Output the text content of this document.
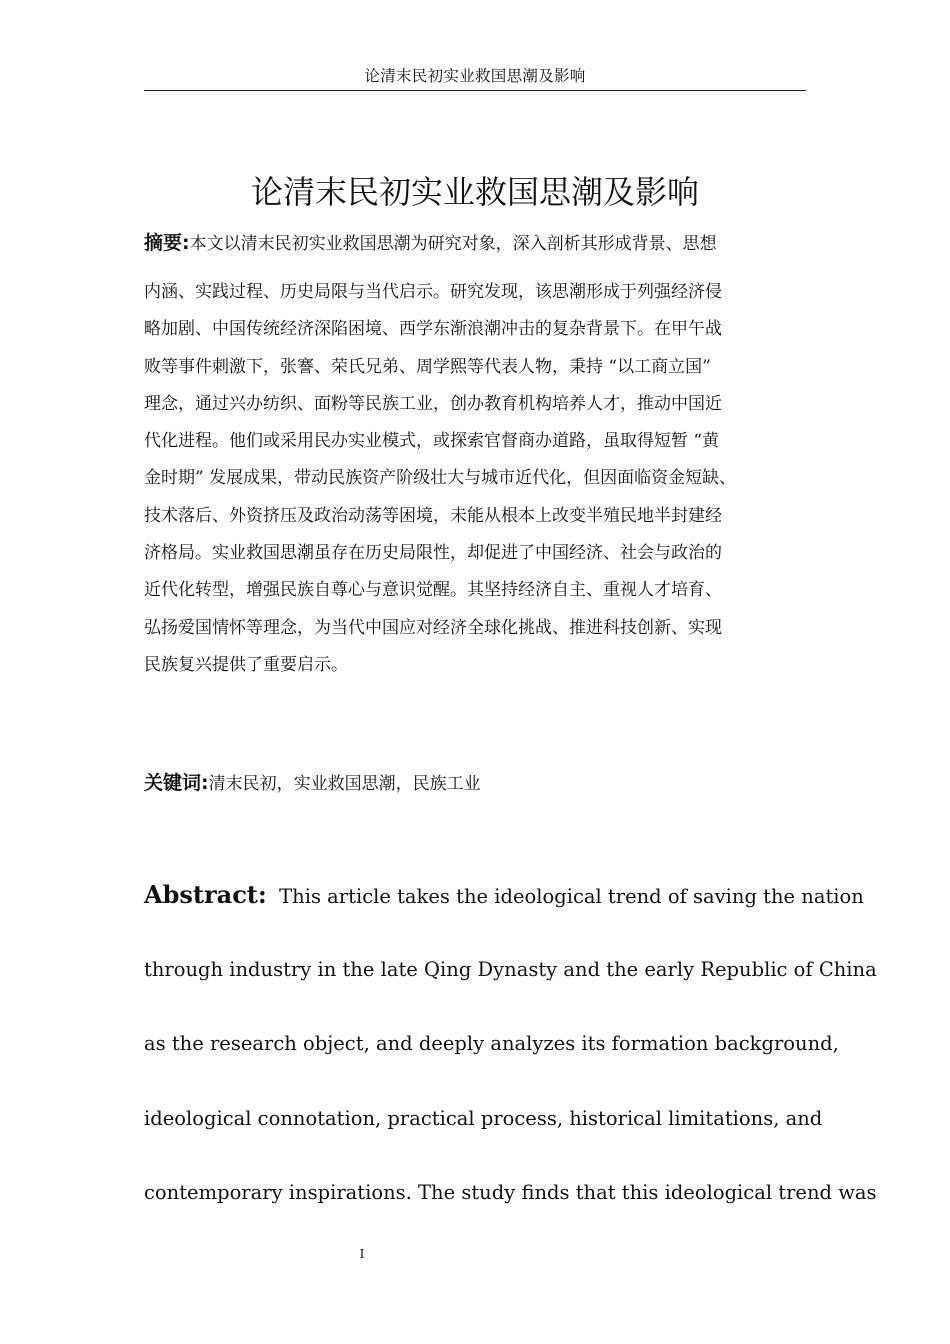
论清末民初实业救国思潮及影响
论清末民初实业救国思潮及影响
摘要:本文以清末民初实业救国思潮为研究对象，深入剖析其形成背景、思想
内涵、实践过程、历史局限与当代启示。研究发现，该思潮形成于列强经济侵
略加剧、中国传统经济深陷困境、西学东渐浪潮冲击的复杂背景下。在甲午战
败等事件刺激下，张謇、荣氏兄弟、周学熙等代表人物，秉持 “以工商立国”
理念，通过兴办纺织、面粉等民族工业，创办教育机构培养人才，推动中国近
代化进程。他们或采用民办实业模式，或探索官督商办道路，虽取得短暂 “黄
金时期” 发展成果，带动民族资产阶级壮大与城市近代化，但因面临资金短缺、
技术落后、外资挤压及政治动荡等困境，未能从根本上改变半殖民地半封建经
济格局。实业救国思潮虽存在历史局限性，却促进了中国经济、社会与政治的
近代化转型，增强民族自尊心与意识觉醒。其坚持经济自主、重视人才培育、
弘扬爱国情怀等理念，为当代中国应对经济全球化挑战、推进科技创新、实现
民族复兴提供了重要启示。
关键词:清末民初，实业救国思潮，民族工业
Abstract: This article takes the ideological trend of saving the nation
through industry in the late Qing Dynasty and the early Republic of China
as the research object, and deeply analyzes its formation background,
ideological connotation, practical process, historical limitations, and
contemporary inspirations. The study finds that this ideological trend was
I
